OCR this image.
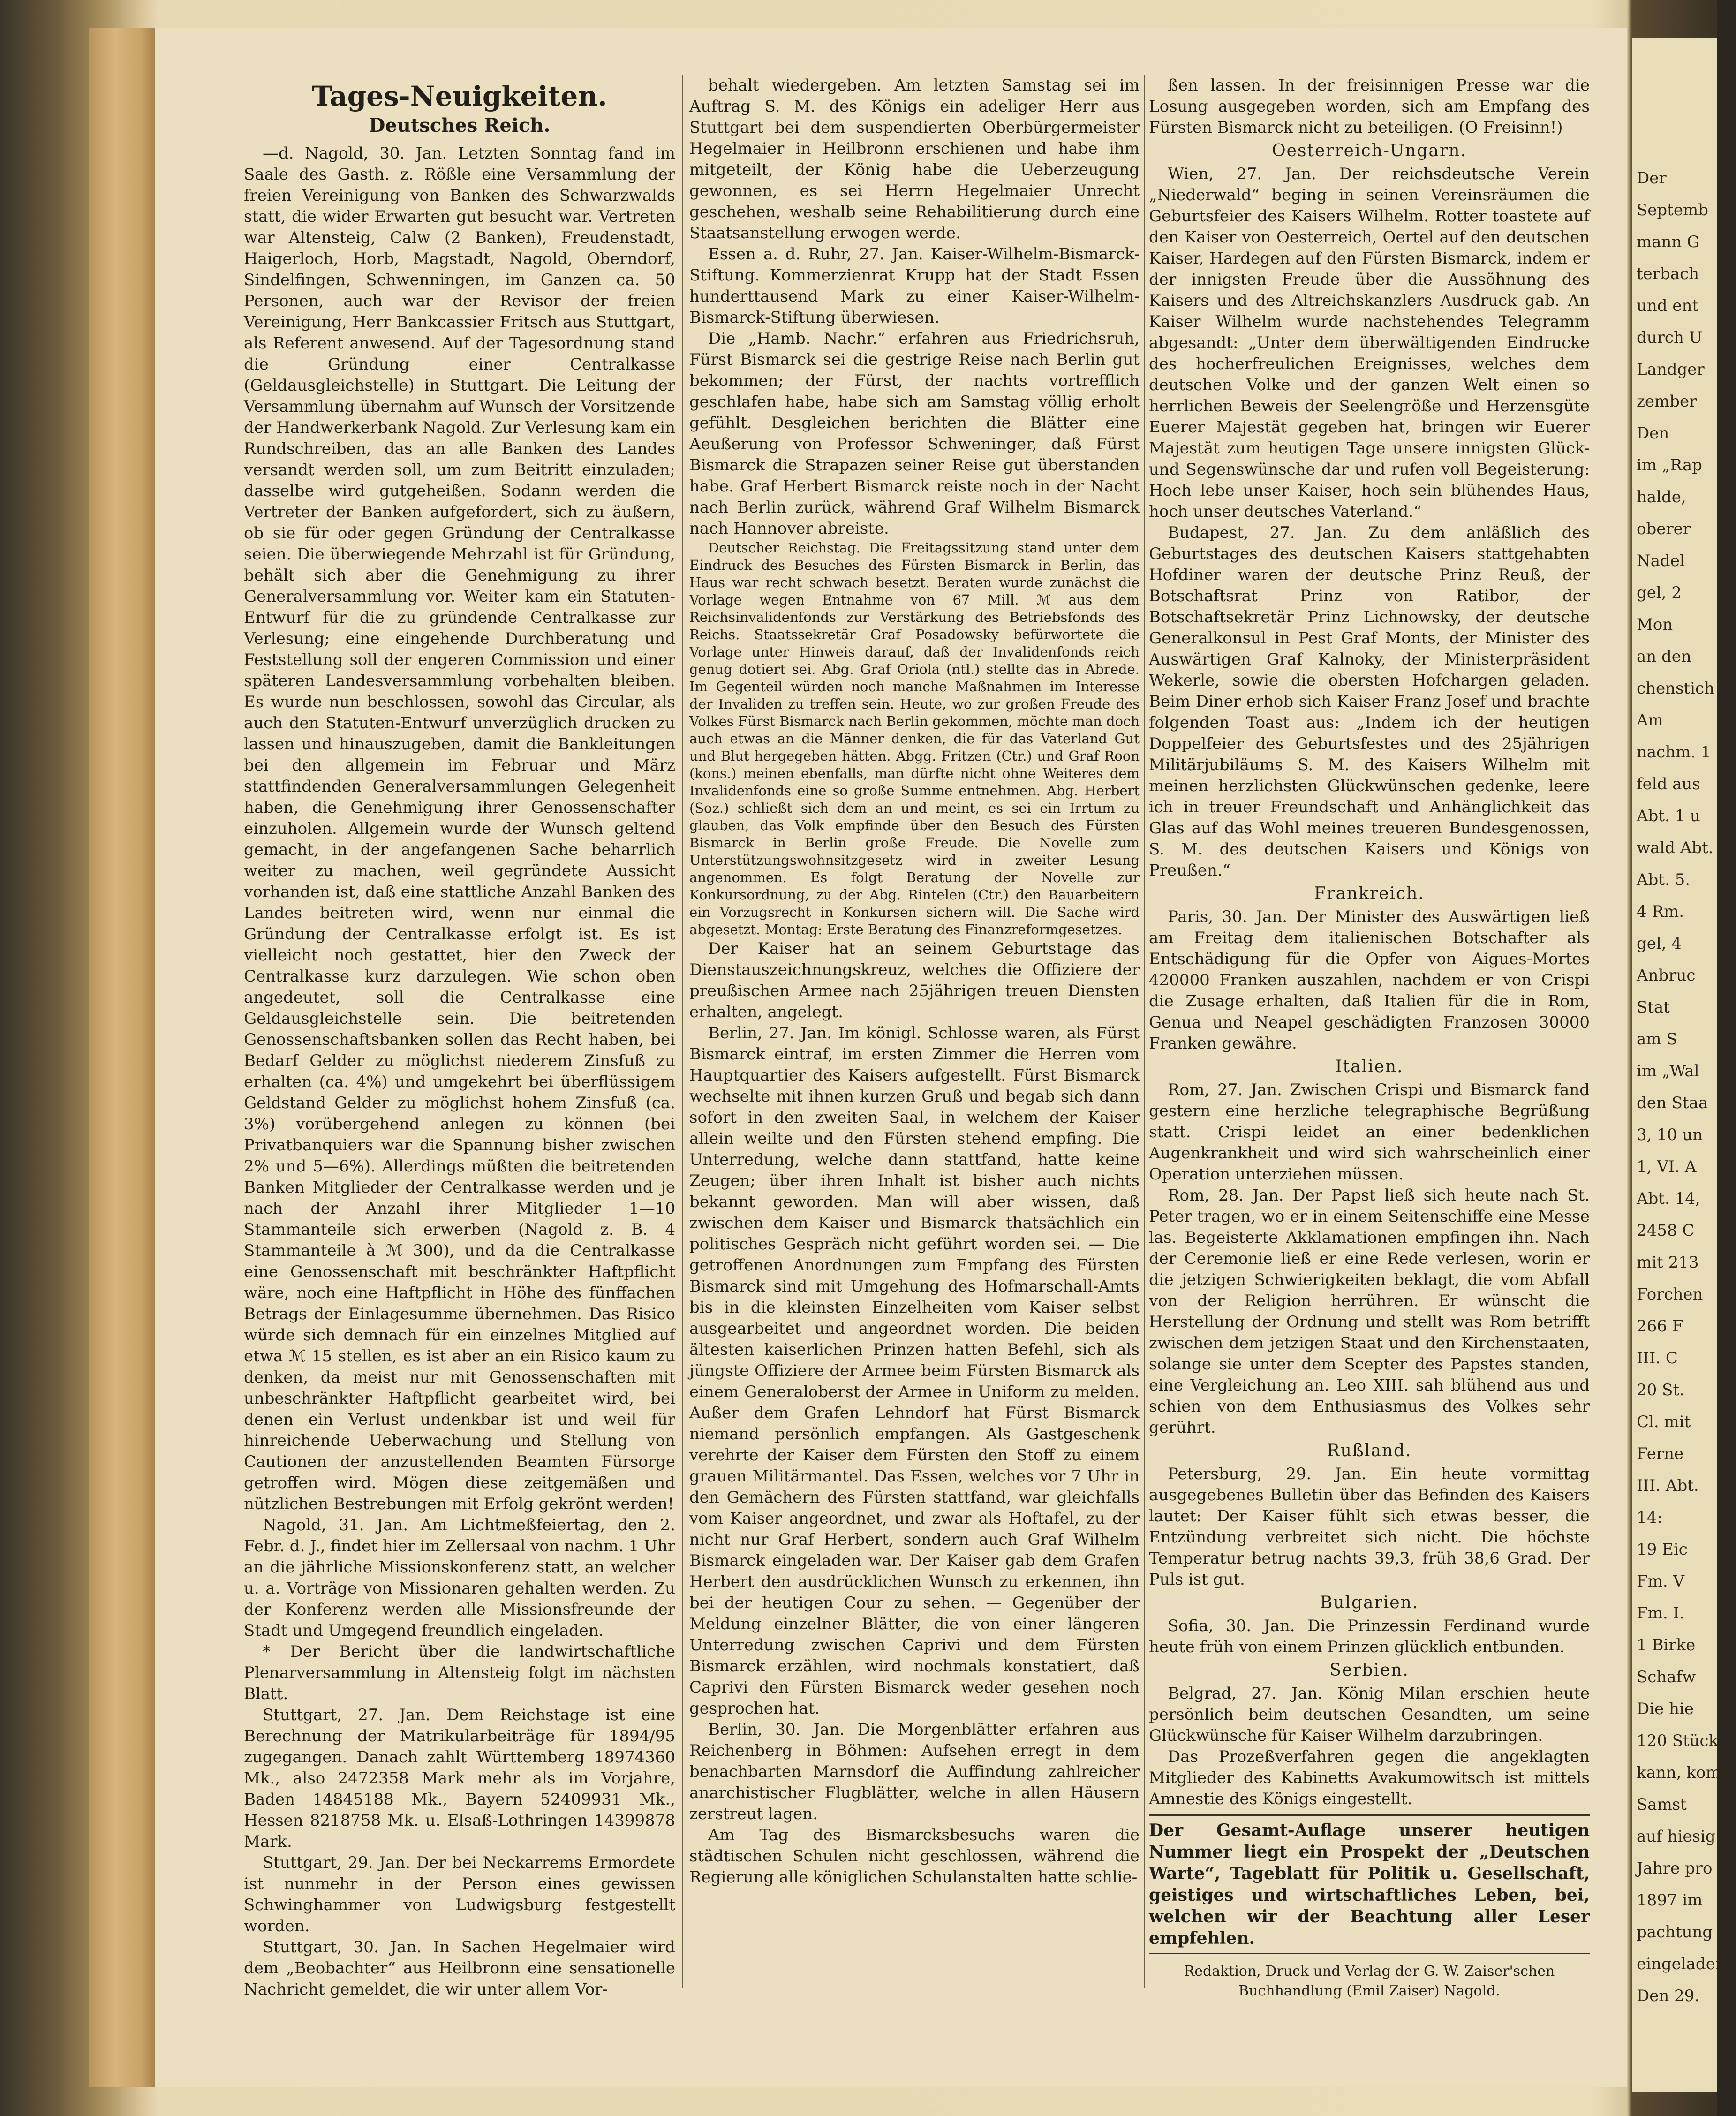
Tages-Neuigkeiten.
Deutsches Reich.

—d. Nagold, 30. Jan. Letzten Sonntag fand im Saale des Gasth. z. Rößle eine Versammlung der freien Vereinigung von Banken des Schwarzwalds statt, die wider Erwarten gut besucht war. Vertreten war Altensteig, Calw (2 Banken), Freudenstadt, Haigerloch, Horb, Magstadt, Nagold, Oberndorf, Sindelfingen, Schwenningen, im Ganzen ca. 50 Personen, auch war der Revisor der freien Vereinigung, Herr Bankcassier Fritsch aus Stuttgart, als Referent anwesend. Auf der Tagesordnung stand die Gründung einer Centralkasse (Geldausgleichstelle) in Stuttgart. Die Leitung der Versammlung übernahm auf Wunsch der Vorsitzende der Handwerkerbank Nagold. Zur Verlesung kam ein Rundschreiben, das an alle Banken des Landes versandt werden soll, um zum Beitritt einzuladen; dasselbe wird gutgeheißen. Sodann werden die Vertreter der Banken aufgefordert, sich zu äußern, ob sie für oder gegen Gründung der Centralkasse seien. Die überwiegende Mehrzahl ist für Gründung, behält sich aber die Genehmigung zu ihrer Generalversammlung vor. Weiter kam ein Statuten-Entwurf für die zu gründende Centralkasse zur Verlesung; eine eingehende Durchberatung und Feststellung soll der engeren Commission und einer späteren Landesversammlung vorbehalten bleiben. Es wurde nun beschlossen, sowohl das Circular, als auch den Statuten-Entwurf unverzüglich drucken zu lassen und hinauszugeben, damit die Bankleitungen bei den allgemein im Februar und März stattfindenden Generalversammlungen Gelegenheit haben, die Genehmigung ihrer Genossenschafter einzuholen. Allgemein wurde der Wunsch geltend gemacht, in der angefangenen Sache beharrlich weiter zu machen, weil gegründete Aussicht vorhanden ist, daß eine stattliche Anzahl Banken des Landes beitreten wird, wenn nur einmal die Gründung der Centralkasse erfolgt ist. Es ist vielleicht noch gestattet, hier den Zweck der Centralkasse kurz darzulegen. Wie schon oben angedeutet, soll die Centralkasse eine Geldausgleichstelle sein. Die beitretenden Genossenschaftsbanken sollen das Recht haben, bei Bedarf Gelder zu möglichst niederem Zinsfuß zu erhalten (ca. 4%) und umgekehrt bei überflüssigem Geldstand Gelder zu möglichst hohem Zinsfuß (ca. 3%) vorübergehend anlegen zu können (bei Privatbanquiers war die Spannung bisher zwischen 2% und 5—6%). Allerdings müßten die beitretenden Banken Mitglieder der Centralkasse werden und je nach der Anzahl ihrer Mitglieder 1—10 Stammanteile sich erwerben (Nagold z. B. 4 Stammanteile à ℳ 300), und da die Centralkasse eine Genossenschaft mit beschränkter Haftpflicht wäre, noch eine Haftpflicht in Höhe des fünffachen Betrags der Einlagesumme übernehmen. Das Risico würde sich demnach für ein einzelnes Mitglied auf etwa ℳ 15 stellen, es ist aber an ein Risico kaum zu denken, da meist nur mit Genossenschaften mit unbeschränkter Haftpflicht gearbeitet wird, bei denen ein Verlust undenkbar ist und weil für hinreichende Ueberwachung und Stellung von Cautionen der anzustellenden Beamten Fürsorge getroffen wird. Mögen diese zeitgemäßen und nützlichen Bestrebungen mit Erfolg gekrönt werden!

Nagold, 31. Jan. Am Lichtmeßfeiertag, den 2. Febr. d. J., findet hier im Zellersaal von nachm. 1 Uhr an die jährliche Missionskonferenz statt, an welcher u. a. Vorträge von Missionaren gehalten werden. Zu der Konferenz werden alle Missionsfreunde der Stadt und Umgegend freundlich eingeladen.

* Der Bericht über die landwirtschaftliche Plenarversammlung in Altensteig folgt im nächsten Blatt.

Stuttgart, 27. Jan. Dem Reichstage ist eine Berechnung der Matrikularbeiträge für 1894/95 zugegangen. Danach zahlt Württemberg 18974360 Mk., also 2472358 Mark mehr als im Vorjahre, Baden 14845188 Mk., Bayern 52409931 Mk., Hessen 8218758 Mk. u. Elsaß-Lothringen 14399878 Mark.

Stuttgart, 29. Jan. Der bei Neckarrems Ermordete ist nunmehr in der Person eines gewissen Schwinghammer von Ludwigsburg festgestellt worden.

Stuttgart, 30. Jan. In Sachen Hegelmaier wird dem „Beobachter“ aus Heilbronn eine sensationelle Nachricht gemeldet, die wir unter allem Vor-

behalt wiedergeben. Am letzten Samstag sei im Auftrag S. M. des Königs ein adeliger Herr aus Stuttgart bei dem suspendierten Oberbürgermeister Hegelmaier in Heilbronn erschienen und habe ihm mitgeteilt, der König habe die Ueberzeugung gewonnen, es sei Herrn Hegelmaier Unrecht geschehen, weshalb seine Rehabilitierung durch eine Staatsanstellung erwogen werde.

Essen a. d. Ruhr, 27. Jan. Kaiser-Wilhelm-Bismarck-Stiftung. Kommerzienrat Krupp hat der Stadt Essen hunderttausend Mark zu einer Kaiser-Wilhelm-Bismarck-Stiftung überwiesen.

Die „Hamb. Nachr.“ erfahren aus Friedrichsruh, Fürst Bismarck sei die gestrige Reise nach Berlin gut bekommen; der Fürst, der nachts vortrefflich geschlafen habe, habe sich am Samstag völlig erholt gefühlt. Desgleichen berichten die Blätter eine Aeußerung von Professor Schweninger, daß Fürst Bismarck die Strapazen seiner Reise gut überstanden habe. Graf Herbert Bismarck reiste noch in der Nacht nach Berlin zurück, während Graf Wilhelm Bismarck nach Hannover abreiste.

Deutscher Reichstag. Die Freitagssitzung stand unter dem Eindruck des Besuches des Fürsten Bismarck in Berlin, das Haus war recht schwach besetzt. Beraten wurde zunächst die Vorlage wegen Entnahme von 67 Mill. ℳ aus dem Reichsinvalidenfonds zur Verstärkung des Betriebsfonds des Reichs. Staatssekretär Graf Posadowsky befürwortete die Vorlage unter Hinweis darauf, daß der Invalidenfonds reich genug dotiert sei. Abg. Graf Oriola (ntl.) stellte das in Abrede. Im Gegenteil würden noch manche Maßnahmen im Interesse der Invaliden zu treffen sein. Heute, wo zur großen Freude des Volkes Fürst Bismarck nach Berlin gekommen, möchte man doch auch etwas an die Männer denken, die für das Vaterland Gut und Blut hergegeben hätten. Abgg. Fritzen (Ctr.) und Graf Roon (kons.) meinen ebenfalls, man dürfte nicht ohne Weiteres dem Invalidenfonds eine so große Summe entnehmen. Abg. Herbert (Soz.) schließt sich dem an und meint, es sei ein Irrtum zu glauben, das Volk empfinde über den Besuch des Fürsten Bismarck in Berlin große Freude. Die Novelle zum Unterstützungswohnsitzgesetz wird in zweiter Lesung angenommen. Es folgt Beratung der Novelle zur Konkursordnung, zu der Abg. Rintelen (Ctr.) den Bauarbeitern ein Vorzugsrecht in Konkursen sichern will. Die Sache wird abgesetzt. Montag: Erste Beratung des Finanzreformgesetzes.

Der Kaiser hat an seinem Geburtstage das Dienstauszeichnungskreuz, welches die Offiziere der preußischen Armee nach 25jährigen treuen Diensten erhalten, angelegt.

Berlin, 27. Jan. Im königl. Schlosse waren, als Fürst Bismarck eintraf, im ersten Zimmer die Herren vom Hauptquartier des Kaisers aufgestellt. Fürst Bismarck wechselte mit ihnen kurzen Gruß und begab sich dann sofort in den zweiten Saal, in welchem der Kaiser allein weilte und den Fürsten stehend empfing. Die Unterredung, welche dann stattfand, hatte keine Zeugen; über ihren Inhalt ist bisher auch nichts bekannt geworden. Man will aber wissen, daß zwischen dem Kaiser und Bismarck thatsächlich ein politisches Gespräch nicht geführt worden sei. — Die getroffenen Anordnungen zum Empfang des Fürsten Bismarck sind mit Umgehung des Hofmarschall-Amts bis in die kleinsten Einzelheiten vom Kaiser selbst ausgearbeitet und angeordnet worden. Die beiden ältesten kaiserlichen Prinzen hatten Befehl, sich als jüngste Offiziere der Armee beim Fürsten Bismarck als einem Generaloberst der Armee in Uniform zu melden. Außer dem Grafen Lehndorf hat Fürst Bismarck niemand persönlich empfangen. Als Gastgeschenk verehrte der Kaiser dem Fürsten den Stoff zu einem grauen Militärmantel. Das Essen, welches vor 7 Uhr in den Gemächern des Fürsten stattfand, war gleichfalls vom Kaiser angeordnet, und zwar als Hoftafel, zu der nicht nur Graf Herbert, sondern auch Graf Wilhelm Bismarck eingeladen war. Der Kaiser gab dem Grafen Herbert den ausdrücklichen Wunsch zu erkennen, ihn bei der heutigen Cour zu sehen. — Gegenüber der Meldung einzelner Blätter, die von einer längeren Unterredung zwischen Caprivi und dem Fürsten Bismarck erzählen, wird nochmals konstatiert, daß Caprivi den Fürsten Bismarck weder gesehen noch gesprochen hat.

Berlin, 30. Jan. Die Morgenblätter erfahren aus Reichenberg in Böhmen: Aufsehen erregt in dem benachbarten Marnsdorf die Auffindung zahlreicher anarchistischer Flugblätter, welche in allen Häusern zerstreut lagen.

Am Tag des Bismarcksbesuchs waren die städtischen Schulen nicht geschlossen, während die Regierung alle königlichen Schulanstalten hatte schlie-

ßen lassen. In der freisinnigen Presse war die Losung ausgegeben worden, sich am Empfang des Fürsten Bismarck nicht zu beteiligen. (O Freisinn!)

Oesterreich-Ungarn.

Wien, 27. Jan. Der reichsdeutsche Verein „Niederwald“ beging in seinen Vereinsräumen die Geburtsfeier des Kaisers Wilhelm. Rotter toastete auf den Kaiser von Oesterreich, Oertel auf den deutschen Kaiser, Hardegen auf den Fürsten Bismarck, indem er der innigsten Freude über die Aussöhnung des Kaisers und des Altreichskanzlers Ausdruck gab. An Kaiser Wilhelm wurde nachstehendes Telegramm abgesandt: „Unter dem überwältigenden Eindrucke des hocherfreulichen Ereignisses, welches dem deutschen Volke und der ganzen Welt einen so herrlichen Beweis der Seelengröße und Herzensgüte Euerer Majestät gegeben hat, bringen wir Euerer Majestät zum heutigen Tage unsere innigsten Glück- und Segenswünsche dar und rufen voll Begeisterung: Hoch lebe unser Kaiser, hoch sein blühendes Haus, hoch unser deutsches Vaterland.“

Budapest, 27. Jan. Zu dem anläßlich des Geburtstages des deutschen Kaisers stattgehabten Hofdiner waren der deutsche Prinz Reuß, der Botschaftsrat Prinz von Ratibor, der Botschaftsekretär Prinz Lichnowsky, der deutsche Generalkonsul in Pest Graf Monts, der Minister des Auswärtigen Graf Kalnoky, der Ministerpräsident Wekerle, sowie die obersten Hofchargen geladen. Beim Diner erhob sich Kaiser Franz Josef und brachte folgenden Toast aus: „Indem ich der heutigen Doppelfeier des Geburtsfestes und des 25jährigen Militärjubiläums S. M. des Kaisers Wilhelm mit meinen herzlichsten Glückwünschen gedenke, leere ich in treuer Freundschaft und Anhänglichkeit das Glas auf das Wohl meines treueren Bundesgenossen, S. M. des deutschen Kaisers und Königs von Preußen.“

Frankreich.

Paris, 30. Jan. Der Minister des Auswärtigen ließ am Freitag dem italienischen Botschafter als Entschädigung für die Opfer von Aigues-Mortes 420000 Franken auszahlen, nachdem er von Crispi die Zusage erhalten, daß Italien für die in Rom, Genua und Neapel geschädigten Franzosen 30000 Franken gewähre.

Italien.

Rom, 27. Jan. Zwischen Crispi und Bismarck fand gestern eine herzliche telegraphische Begrüßung statt. Crispi leidet an einer bedenklichen Augenkrankheit und wird sich wahrscheinlich einer Operation unterziehen müssen.

Rom, 28. Jan. Der Papst ließ sich heute nach St. Peter tragen, wo er in einem Seitenschiffe eine Messe las. Begeisterte Akklamationen empfingen ihn. Nach der Ceremonie ließ er eine Rede verlesen, worin er die jetzigen Schwierigkeiten beklagt, die vom Abfall von der Religion herrühren. Er wünscht die Herstellung der Ordnung und stellt was Rom betrifft zwischen dem jetzigen Staat und den Kirchenstaaten, solange sie unter dem Scepter des Papstes standen, eine Vergleichung an. Leo XIII. sah blühend aus und schien von dem Enthusiasmus des Volkes sehr gerührt.

Rußland.

Petersburg, 29. Jan. Ein heute vormittag ausgegebenes Bulletin über das Befinden des Kaisers lautet: Der Kaiser fühlt sich etwas besser, die Entzündung verbreitet sich nicht. Die höchste Temperatur betrug nachts 39,3, früh 38,6 Grad. Der Puls ist gut.

Bulgarien.

Sofia, 30. Jan. Die Prinzessin Ferdinand wurde heute früh von einem Prinzen glücklich entbunden.

Serbien.

Belgrad, 27. Jan. König Milan erschien heute persönlich beim deutschen Gesandten, um seine Glückwünsche für Kaiser Wilhelm darzubringen.

Das Prozeßverfahren gegen die angeklagten Mitglieder des Kabinetts Avakumowitsch ist mittels Amnestie des Königs eingestellt.

Der Gesamt-Auflage unserer heutigen Nummer liegt ein Prospekt der „Deutschen Warte“, Tageblatt für Politik u. Gesellschaft, geistiges und wirtschaftliches Leben, bei, welchen wir der Beachtung aller Leser empfehlen.
Redaktion, Druck und Verlag der G. W. Zaiser'schen Buchhandlung (Emil Zaiser) Nagold.
Der
Septemb
mann G
terbach
und ent
durch U
Landger
zember
Den
im „Rap
halde,
oberer
Nadel
gel, 2
Mon
an den
chenstich
Am
nachm. 1
feld aus
Abt. 1 u
wald Abt.
Abt. 5.
4 Rm.
gel, 4
Anbruc
Stat
am S
im „Wal
den Staa
3, 10 un
1, VI. A
Abt. 14,
2458 C
mit 213
Forchen
266 F
III. C
20 St.
Cl. mit
Ferne
III. Abt.
14:
19 Eic
Fm. V
Fm. I.
1 Birke
Schafw
Die hie
120 Stück
kann, komm
Samst
auf hiesig
Jahre pro
1897 im
pachtung
eingeladen.
Den 29.
